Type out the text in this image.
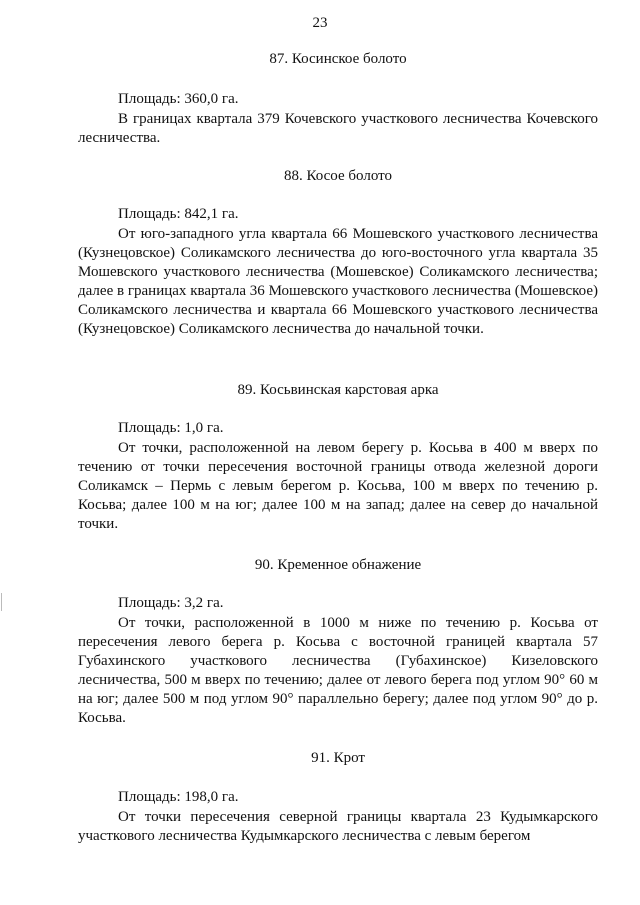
23
87. Косинское болото
Площадь: 360,0 га.
В границах квартала 379 Кочевского участкового лесничества Кочевского лесничества.
88. Косое болото
Площадь: 842,1 га.
От юго-западного угла квартала 66 Мошевского участкового лесничества (Кузнецовское) Соликамского лесничества до юго-восточного угла квартала 35 Мошевского участкового лесничества (Мошевское) Соликамского лесничества; далее в границах квартала 36 Мошевского участкового лесничества (Мошевское) Соликамского лесничества и квартала 66 Мошевского участкового лесничества (Кузнецовское) Соликамского лесничества до начальной точки.
89. Косьвинская карстовая арка
Площадь: 1,0 га.
От точки, расположенной на левом берегу р. Косьва в 400 м вверх по течению от точки пересечения восточной границы отвода железной дороги Соликамск – Пермь с левым берегом р. Косьва, 100 м вверх по течению р. Косьва; далее 100 м на юг; далее 100 м на запад; далее на север до начальной точки.
90. Кременное обнажение
Площадь: 3,2 га.
От точки, расположенной в 1000 м ниже по течению р. Косьва от пересечения левого берега р. Косьва с восточной границей квартала 57 Губахинского участкового лесничества (Губахинское) Кизеловского лесничества, 500 м вверх по течению; далее от левого берега под углом 90° 60 м на юг; далее 500 м под углом 90° параллельно берегу; далее под углом 90° до р. Косьва.
91. Крот
Площадь: 198,0 га.
От точки пересечения северной границы квартала 23 Кудымкарского участкового лесничества Кудымкарского лесничества с левым берегом
